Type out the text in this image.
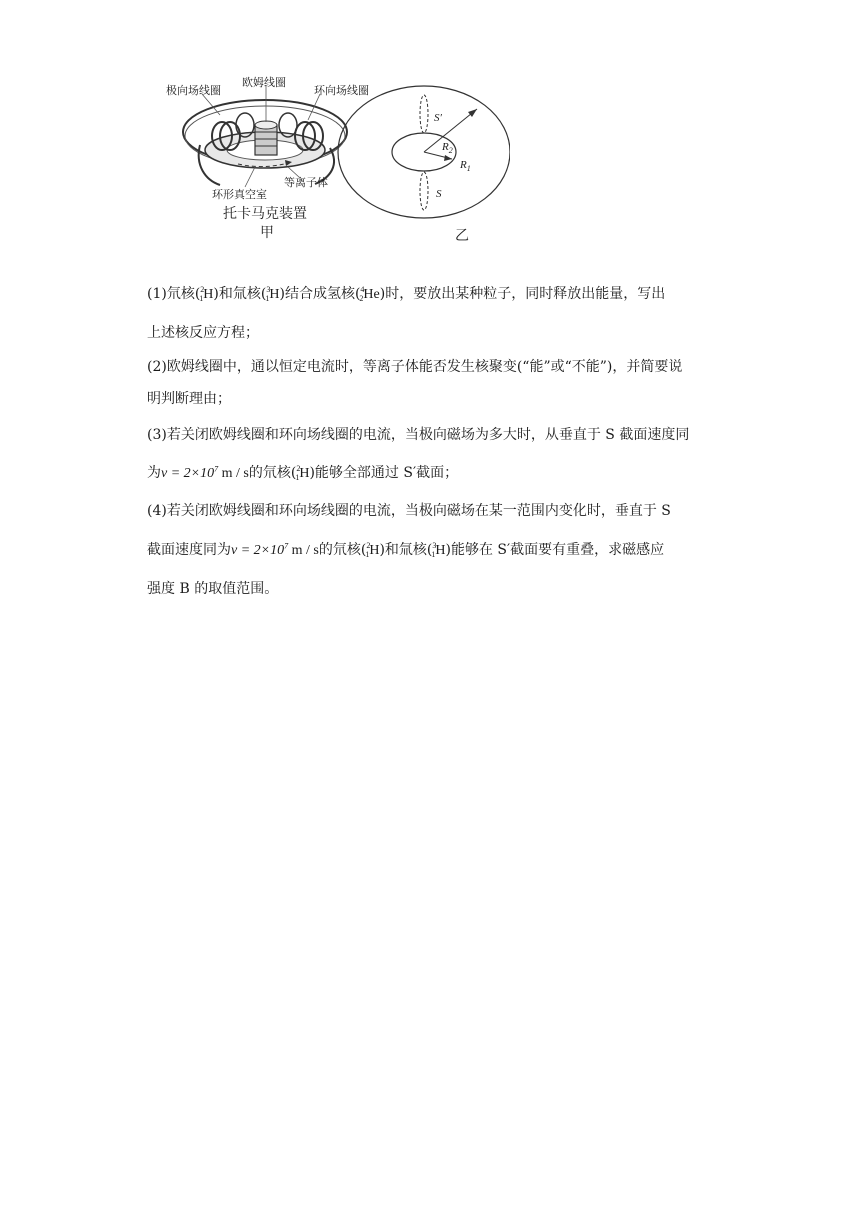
极向场线圈
欧姆线圈
环向场线圈
等离子体
环形真空室
托卡马克装置
甲
S′
S
$R_2$
$R_1$
乙
(1)氘核($^2_1$H)和氚核($^3_1$H)结合成氢核($^4_2$He)时，要放出某种粒子，同时释放出能量，写出
上述核反应方程；
(2)欧姆线圈中，通以恒定电流时，等离子体能否发生核聚变(“能”或“不能”)，并简要说
明判断理由；
(3)若关闭欧姆线圈和环向场线圈的电流，当极向磁场为多大时，从垂直于 S 截面速度同
为$v = 2\times 10^7$ m / s的氘核($^2_1$H)能够全部通过 S′截面；
(4)若关闭欧姆线圈和环向场线圈的电流，当极向磁场在某一范围内变化时，垂直于 S
截面速度同为$v = 2\times 10^7$ m / s的氘核($^2_1$H)和氚核($^3_1$H)能够在 S′截面要有重叠，求磁感应
强度 B 的取值范围。
